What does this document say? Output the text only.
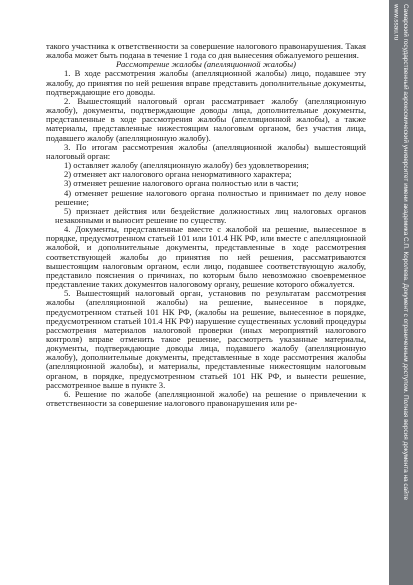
Самарский государственный аэрокосмический университет имени академика С.П. Королева. Документ с ограниченным доступом. Полная версия документа на сайте
www.ssau.ru

такого участника к ответственности за совершение налогового правонарушения. Такая жалоба может быть подана в течение 1 года со дня вынесения обжалуемого решения.

Рассмотрение жалобы (апелляционной жалобы)

1. В ходе рассмотрения жалобы (апелляционной жалобы) лицо, подавшее эту жалобу, до принятия по ней решения вправе представить дополнительные документы, подтверждающие его доводы.

2. Вышестоящий налоговый орган рассматривает жалобу (апелляционную жалобу), документы, подтверждающие доводы лица, дополнительные документы, представленные в ходе рассмотрения жалобы (апелляционной жалобы), а также материалы, представленные нижестоящим налоговым органом, без участия лица, подавшего жалобу (апелляционную жалобу).

3. По итогам рассмотрения жалобы (апелляционной жалобы) вышестоящий налоговый орган:

1) оставляет жалобу (апелляционную жалобу) без удовлетворения;

2) отменяет акт налогового органа ненормативного характера;

3) отменяет решение налогового органа полностью или в части;

4) отменяет решение налогового органа полностью и принимает по делу новое решение;

5) признает действия или бездействие должностных лиц налоговых органов незаконными и выносит решение по существу.

4. Документы, представленные вместе с жалобой на решение, вынесенное в порядке, предусмотренном статьей 101 или 101.4 НК РФ, или вместе с апелляционной жалобой, и дополнительные документы, представленные в ходе рассмотрения соответствующей жалобы до принятия по ней решения, рассматриваются вышестоящим налоговым органом, если лицо, подавшее соответствующую жалобу, представило пояснения о причинах, по которым было невозможно своевременное представление таких документов налоговому органу, решение которого обжалуется.

5. Вышестоящий налоговый орган, установив по результатам рассмотрения жалобы (апелляционной жалобы) на решение, вынесенное в порядке, предусмотренном статьей 101 НК РФ, (жалобы на решение, вынесенное в порядке, предусмотренном статьей 101.4 НК РФ) нарушение существенных условий процедуры рассмотрения материалов налоговой проверки (иных мероприятий налогового контроля) вправе отменить такое решение, рассмотреть указанные материалы, документы, подтверждающие доводы лица, подавшего жалобу (апелляционную жалобу), дополнительные документы, представленные в ходе рассмотрения жалобы (апелляционной жалобы), и материалы, представленные нижестоящим налоговым органом, в порядке, предусмотренном статьей 101 НК РФ, и вынести решение, рассмотренное выше в пункте 3.

6. Решение по жалобе (апелляционной жалобе) на решение о привлечении к ответственности за совершение налогового правонарушения или ре-
